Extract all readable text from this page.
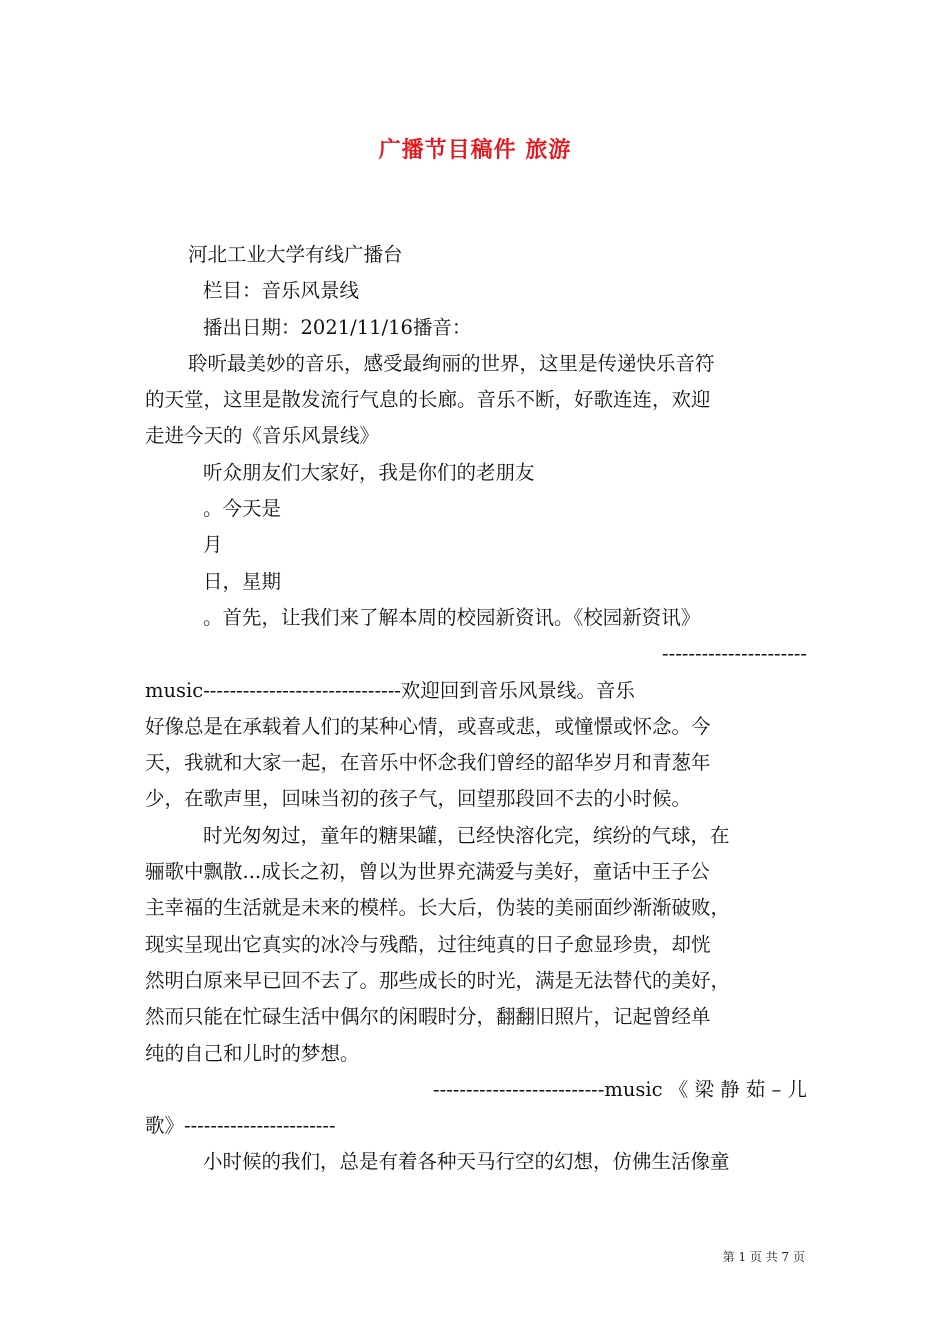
广播节目稿件 旅游
河北工业大学有线广播台
栏目：音乐风景线
播出日期：2021/11/16播音：
聆听最美妙的音乐，感受最绚丽的世界，这里是传递快乐音符
的天堂，这里是散发流行气息的长廊。音乐不断，好歌连连，欢迎
走进今天的《音乐风景线》
听众朋友们大家好，我是你们的老朋友
。今天是
月
日，星期
。首先，让我们来了解本周的校园新资讯。《校园新资讯》
----------------------
music------------------------------欢迎回到音乐风景线。音乐
好像总是在承载着人们的某种心情，或喜或悲，或憧憬或怀念。今
天，我就和大家一起，在音乐中怀念我们曾经的韶华岁月和青葱年
少，在歌声里，回味当初的孩子气，回望那段回不去的小时候。
时光匆匆过，童年的糖果罐，已经快溶化完，缤纷的气球，在
骊歌中飘散...成长之初，曾以为世界充满爱与美好，童话中王子公
主幸福的生活就是未来的模样。长大后，伪装的美丽面纱渐渐破败，
现实呈现出它真实的冰冷与残酷，过往纯真的日子愈显珍贵，却恍
然明白原来早已回不去了。那些成长的时光，满是无法替代的美好，
然而只能在忙碌生活中偶尔的闲暇时分，翻翻旧照片，记起曾经单
纯的自己和儿时的梦想。
--------------------------music 《 梁 静 茹 – 儿
歌》-----------------------
小时候的我们，总是有着各种天马行空的幻想，仿佛生活像童
第 1 页 共 7 页
